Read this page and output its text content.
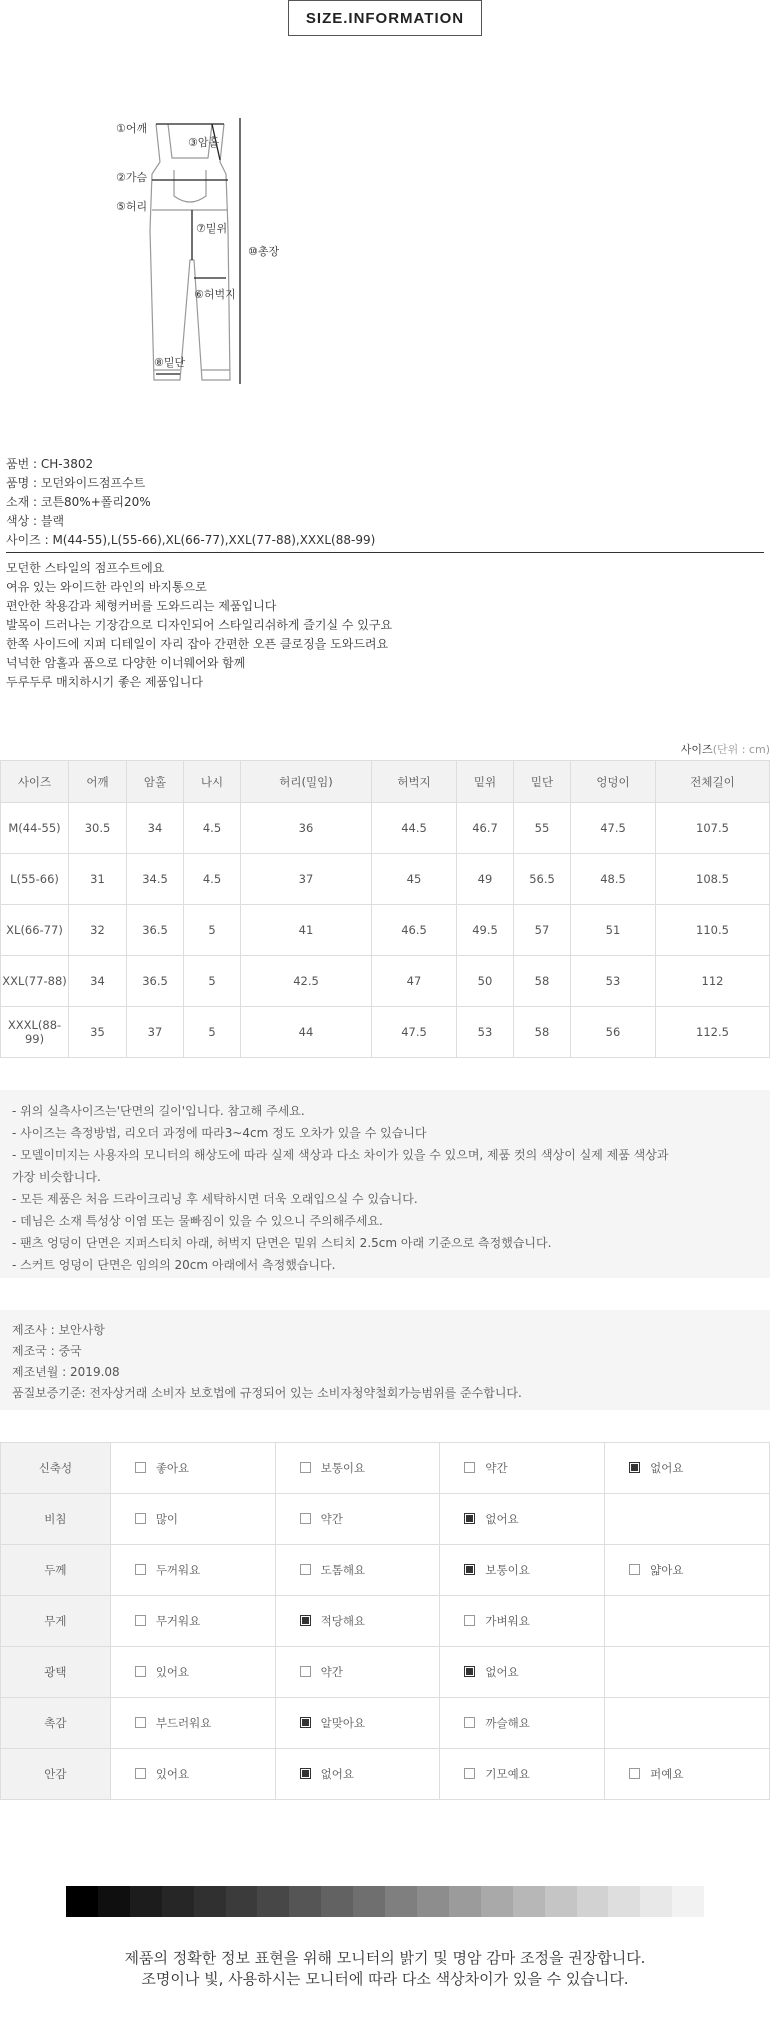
SIZE.INFORMATION
①어깨
③암홀
②가슴
⑤허리
⑦밑위
⑩총장
⑥허벅지
⑧밑단
품번 : CH-3802
품명 : 모던와이드점프수트
소재 : 코튼80%+폴리20%
색상 : 블랙
사이즈 : M(44-55),L(55-66),XL(66-77),XXL(77-88),XXXL(88-99)
모던한 스타일의 점프수트에요
여유 있는 와이드한 라인의 바지통으로
편안한 착용감과 체형커버를 도와드리는 제품입니다
발목이 드러나는 기장감으로 디자인되어 스타일리쉬하게 즐기실 수 있구요
한쪽 사이드에 지퍼 디테일이 자리 잡아 간편한 오픈 클로징을 도와드려요
넉넉한 암홀과 품으로 다양한 이너웨어와 함께
두루두루 매치하시기 좋은 제품입니다
사이즈(단위 : cm)
사이즈	어깨	암홀	나시	허리(밀임)	허벅지	밑위	밑단	엉덩이	전체길이
M(44-55)	30.5	34	4.5	36	44.5	46.7	55	47.5	107.5
L(55-66)	31	34.5	4.5	37	45	49	56.5	48.5	108.5
XL(66-77)	32	36.5	5	41	46.5	49.5	57	51	110.5
XXL(77-88)	34	36.5	5	42.5	47	50	58	53	112
XXXL(88-99)	35	37	5	44	47.5	53	58	56	112.5
- 위의 실측사이즈는'단면의 길이'입니다. 참고해 주세요.
- 사이즈는 측정방법, 리오더 과정에 따라3~4cm 정도 오차가 있을 수 있습니다
- 모델이미지는 사용자의 모니터의 해상도에 따라 실제 색상과 다소 차이가 있을 수 있으며, 제품 컷의 색상이 실제 제품 색상과
가장 비슷합니다.
- 모든 제품은 처음 드라이크리닝 후 세탁하시면 더욱 오래입으실 수 있습니다.
- 데님은 소재 특성상 이염 또는 물빠짐이 있을 수 있으니 주의해주세요.
- 팬츠 엉덩이 단면은 지퍼스티치 아래, 허벅지 단면은 밑위 스티치 2.5cm 아래 기준으로 측정했습니다.
- 스커트 엉덩이 단면은 임의의 20cm 아래에서 측정했습니다.
제조사 : 보안사항
제조국 : 중국
제조년월 : 2019.08
품질보증기준: 전자상거래 소비자 보호법에 규정되어 있는 소비자청약철회가능범위를 준수합니다.
신축성	좋아요	보통이요	약간	없어요
비침	많이	약간	없어요	
두께	두꺼워요	도톰해요	보통이요	얇아요
무게	무거워요	적당해요	가벼워요	
광택	있어요	약간	없어요	
촉감	부드러워요	알맞아요	까슬해요	
안감	있어요	없어요	기모예요	퍼예요
제품의 정확한 정보 표현을 위해 모니터의 밝기 및 명암 감마 조정을 권장합니다.
조명이나 빛, 사용하시는 모니터에 따라 다소 색상차이가 있을 수 있습니다.
